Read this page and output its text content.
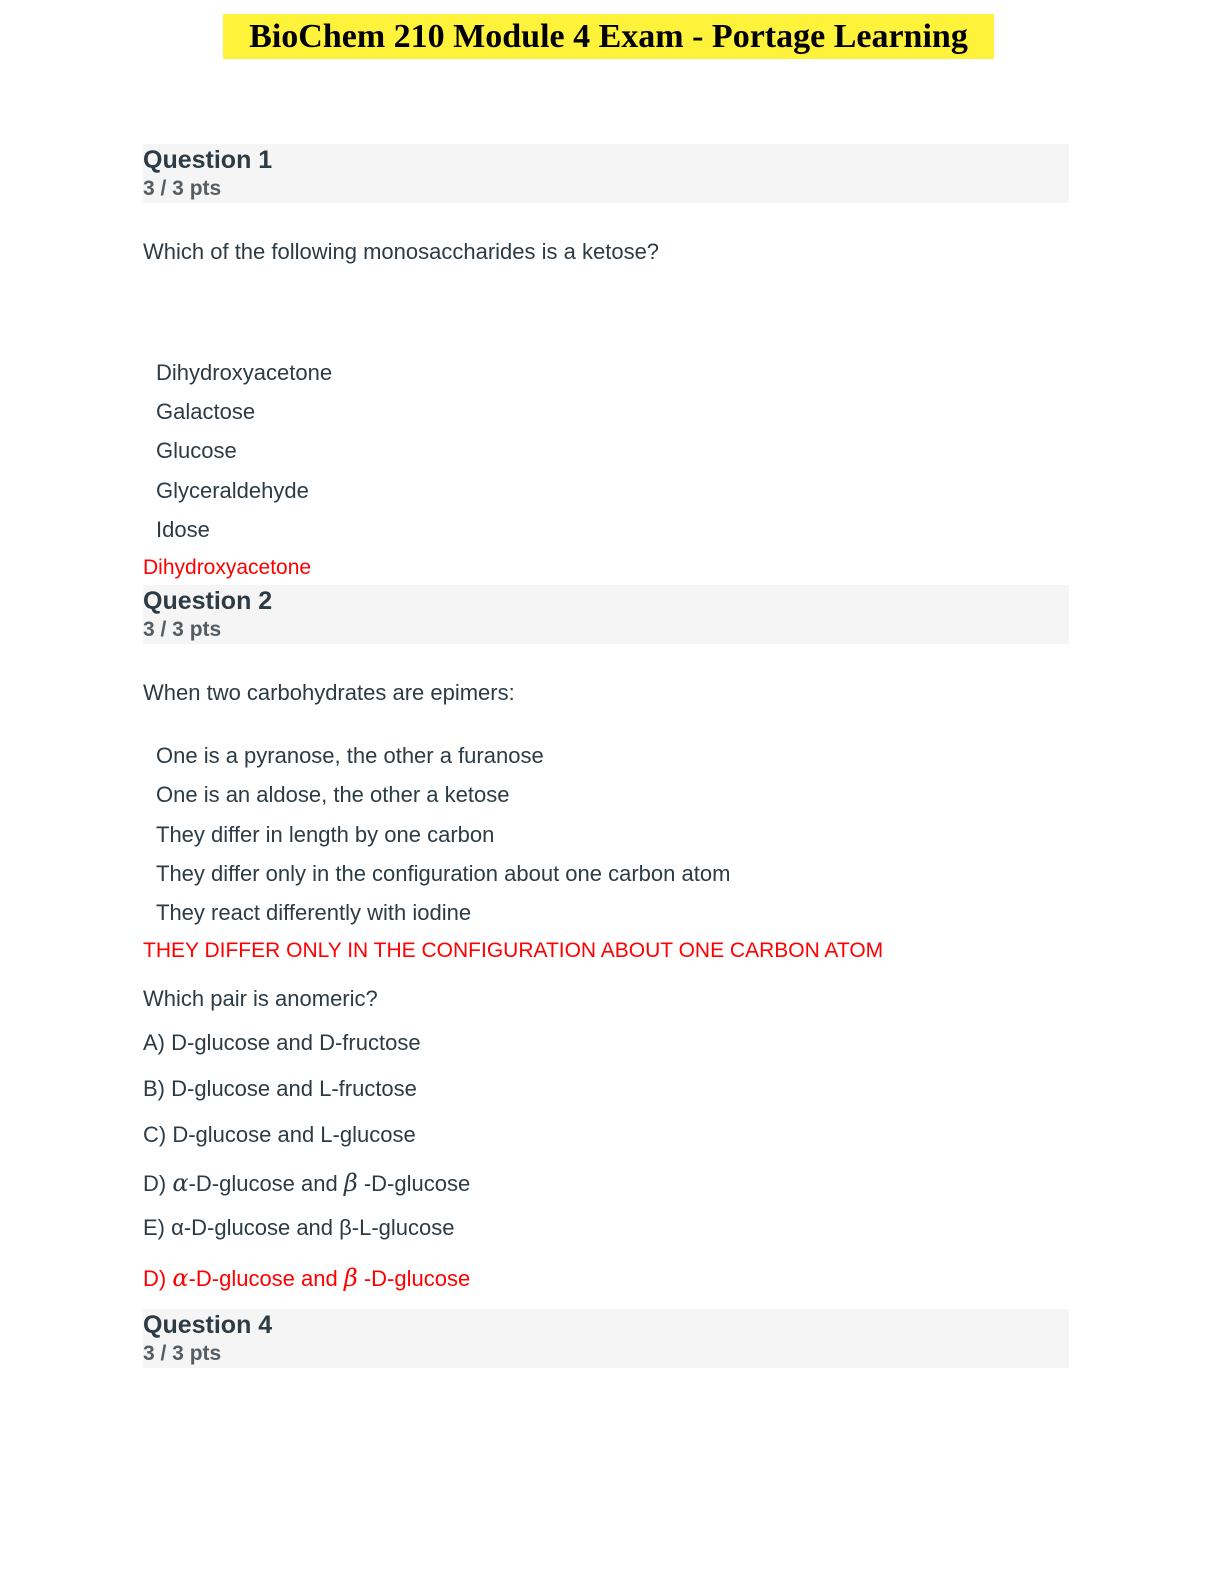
BioChem 210 Module 4 Exam - Portage Learning
Question 1
3 / 3 pts
Which of the following monosaccharides is a ketose?
Dihydroxyacetone
Galactose
Glucose
Glyceraldehyde
Idose
Dihydroxyacetone
Question 2
3 / 3 pts
When two carbohydrates are epimers:
One is a pyranose, the other a furanose
One is an aldose, the other a ketose
They differ in length by one carbon
They differ only in the configuration about one carbon atom
They react differently with iodine
THEY DIFFER ONLY IN THE CONFIGURATION ABOUT ONE CARBON ATOM
Which pair is anomeric?
A) D-glucose and D-fructose
B) D-glucose and L-fructose
C) D-glucose and L-glucose
D) α-D-glucose and β -D-glucose
E) α-D-glucose and β-L-glucose
D) α-D-glucose and β -D-glucose
Question 4
3 / 3 pts
